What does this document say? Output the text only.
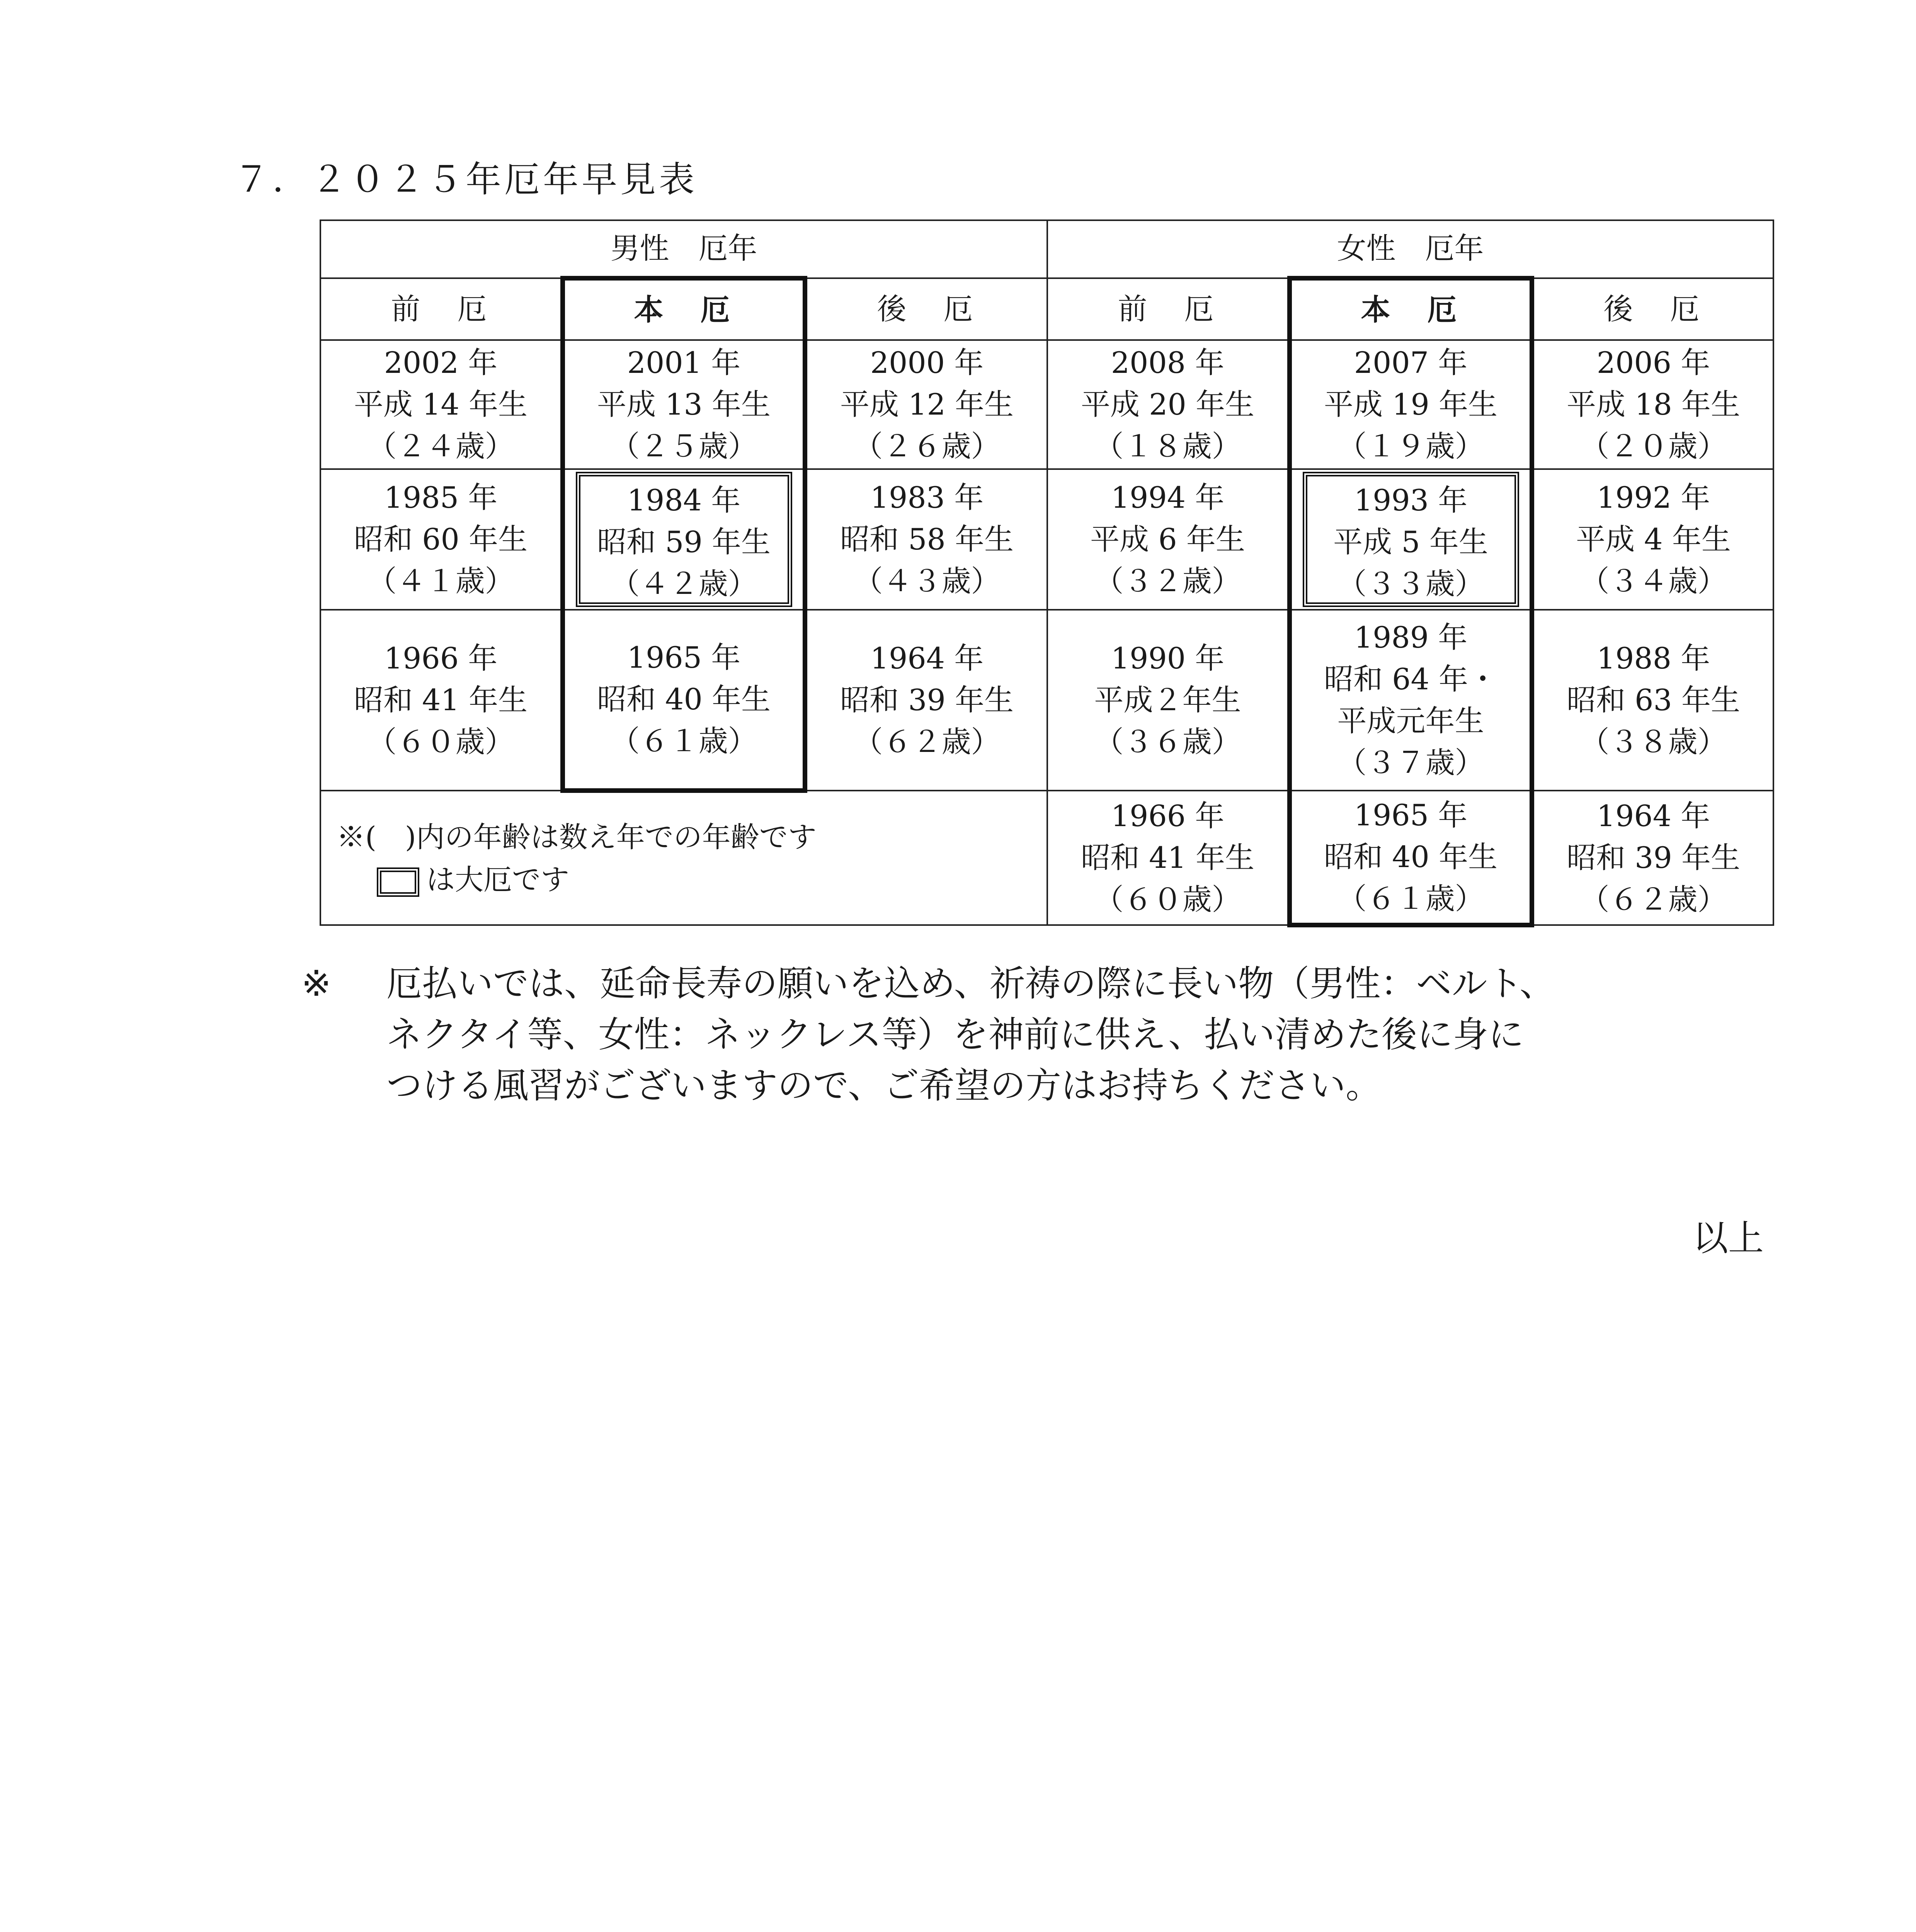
７．２０２５年厄年早見表
男性　厄年			女性　厄年		
前　厄	本　厄	後　厄	前　厄	本　厄	後　厄

2002 年
平成 14 年生
（２４歳）	2001 年
平成 13 年生
（２５歳）	2000 年
平成 12 年生
（２６歳）	2008 年
平成 20 年生
（１８歳）	2007 年
平成 19 年生
（１９歳）	2006 年
平成 18 年生
（２０歳）

1985 年
昭和 60 年生
（４１歳）	1984 年
昭和 59 年生
（４２歳）	1983 年
昭和 58 年生
（４３歳）	1994 年
平成 6 年生
（３２歳）	1993 年
平成 5 年生
（３３歳）	1992 年
平成 4 年生
（３４歳）

1966 年
昭和 41 年生
（６０歳）	1965 年
昭和 40 年生
（６１歳）	1964 年
昭和 39 年生
（６２歳）	1990 年
平成２年生
（３６歳）	1989 年
昭和 64 年・
平成元年生
（３７歳）	1988 年
昭和 63 年生
（３８歳）

※(　)内の年齢は数え年での年齢です
は大厄です			1966 年
昭和 41 年生
（６０歳）	1965 年
昭和 40 年生
（６１歳）	1964 年
昭和 39 年生
（６２歳）
※ 厄払いでは、延命長寿の願いを込め、祈祷の際に長い物（男性：ベルト、
ネクタイ等、女性：ネックレス等）を神前に供え、払い清めた後に身に
つける風習がございますので、ご希望の方はお持ちください。
以上
